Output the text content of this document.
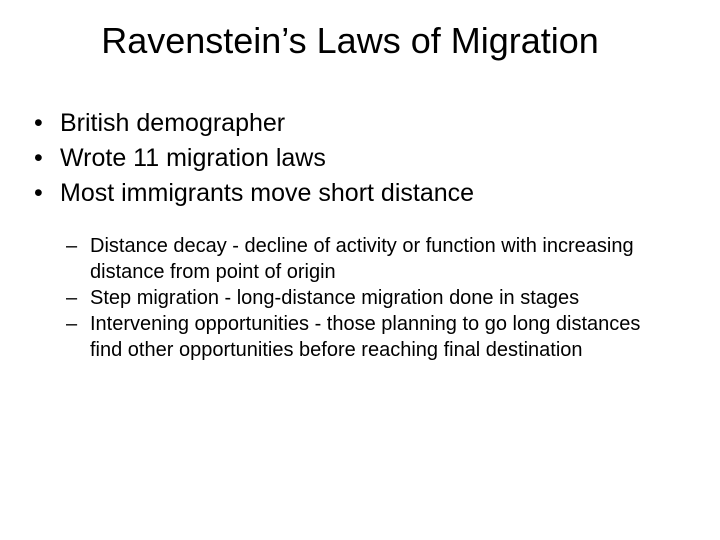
Ravenstein’s Laws of Migration
• British demographer
• Wrote 11 migration laws
• Most immigrants move short distance
– Distance decay - decline of activity or function with increasing distance from point of origin
– Step migration - long-distance migration done in stages
– Intervening opportunities - those planning to go long distances find other opportunities before reaching final destination
